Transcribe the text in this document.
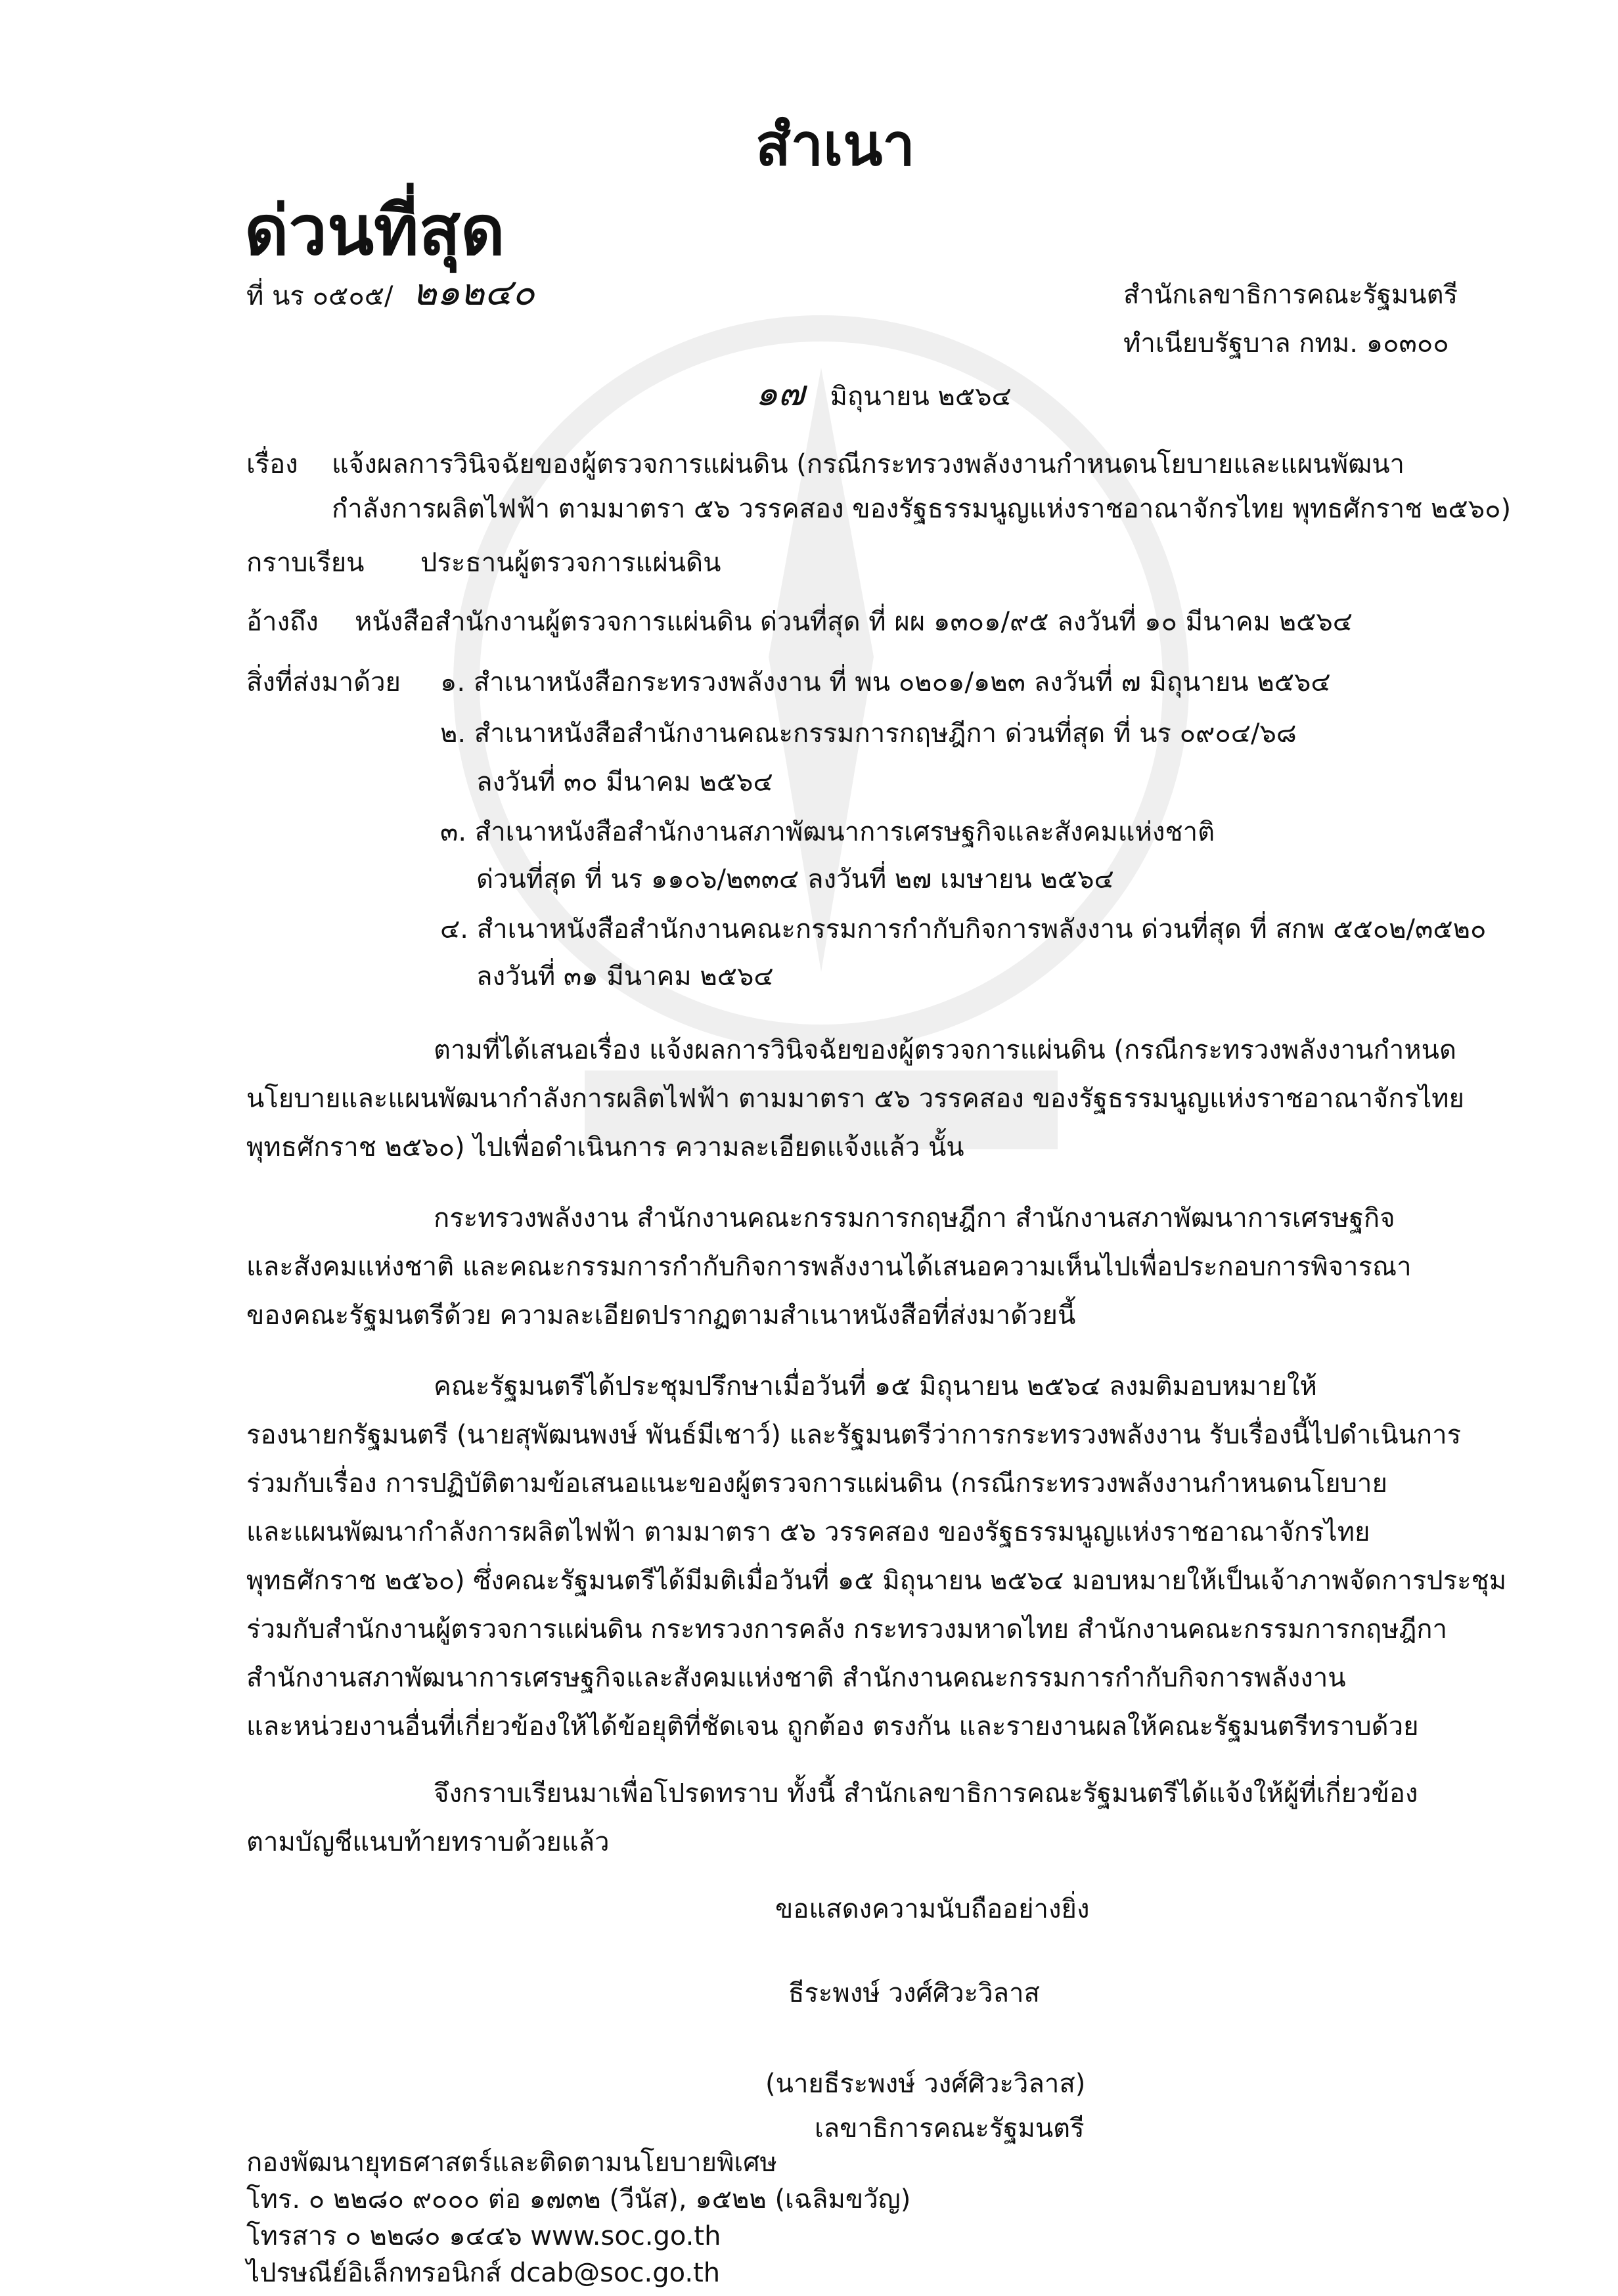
สำเนา
ด่วนที่สุด
ที่ นร ๐๕๐๕/ ๒๑๒๔๐	สำนักเลขาธิการคณะรัฐมนตรี
ทำเนียบรัฐบาล กทม. ๑๐๓๐๐
๑๗ มิถุนายน ๒๕๖๔
เรื่อง แจ้งผลการวินิจฉัยของผู้ตรวจการแผ่นดิน (กรณีกระทรวงพลังงานกำหนดนโยบายและแผนพัฒนา
กำลังการผลิตไฟฟ้า ตามมาตรา ๕๖ วรรคสอง ของรัฐธรรมนูญแห่งราชอาณาจักรไทย พุทธศักราช ๒๕๖๐)
กราบเรียน ประธานผู้ตรวจการแผ่นดิน
อ้างถึง หนังสือสำนักงานผู้ตรวจการแผ่นดิน ด่วนที่สุด ที่ ผผ ๑๓๐๑/๙๕ ลงวันที่ ๑๐ มีนาคม ๒๕๖๔
สิ่งที่ส่งมาด้วย ๑. สำเนาหนังสือกระทรวงพลังงาน ที่ พน ๐๒๐๑/๑๒๓ ลงวันที่ ๗ มิถุนายน ๒๕๖๔
๒. สำเนาหนังสือสำนักงานคณะกรรมการกฤษฎีกา ด่วนที่สุด ที่ นร ๐๙๐๔/๖๘
ลงวันที่ ๓๐ มีนาคม ๒๕๖๔
๓. สำเนาหนังสือสำนักงานสภาพัฒนาการเศรษฐกิจและสังคมแห่งชาติ
ด่วนที่สุด ที่ นร ๑๑๐๖/๒๓๓๔ ลงวันที่ ๒๗ เมษายน ๒๕๖๔
๔. สำเนาหนังสือสำนักงานคณะกรรมการกำกับกิจการพลังงาน ด่วนที่สุด ที่ สกพ ๕๕๐๒/๓๕๒๐
ลงวันที่ ๓๑ มีนาคม ๒๕๖๔
ตามที่ได้เสนอเรื่อง แจ้งผลการวินิจฉัยของผู้ตรวจการแผ่นดิน (กรณีกระทรวงพลังงานกำหนด
นโยบายและแผนพัฒนากำลังการผลิตไฟฟ้า ตามมาตรา ๕๖ วรรคสอง ของรัฐธรรมนูญแห่งราชอาณาจักรไทย
พุทธศักราช ๒๕๖๐) ไปเพื่อดำเนินการ ความละเอียดแจ้งแล้ว นั้น
กระทรวงพลังงาน สำนักงานคณะกรรมการกฤษฎีกา สำนักงานสภาพัฒนาการเศรษฐกิจ
และสังคมแห่งชาติ และคณะกรรมการกำกับกิจการพลังงานได้เสนอความเห็นไปเพื่อประกอบการพิจารณา
ของคณะรัฐมนตรีด้วย ความละเอียดปรากฏตามสำเนาหนังสือที่ส่งมาด้วยนี้
คณะรัฐมนตรีได้ประชุมปรึกษาเมื่อวันที่ ๑๕ มิถุนายน ๒๕๖๔ ลงมติมอบหมายให้
รองนายกรัฐมนตรี (นายสุพัฒนพงษ์ พันธ์มีเชาว์) และรัฐมนตรีว่าการกระทรวงพลังงาน รับเรื่องนี้ไปดำเนินการ
ร่วมกับเรื่อง การปฏิบัติตามข้อเสนอแนะของผู้ตรวจการแผ่นดิน (กรณีกระทรวงพลังงานกำหนดนโยบาย
และแผนพัฒนากำลังการผลิตไฟฟ้า ตามมาตรา ๕๖ วรรคสอง ของรัฐธรรมนูญแห่งราชอาณาจักรไทย
พุทธศักราช ๒๕๖๐) ซึ่งคณะรัฐมนตรีได้มีมติเมื่อวันที่ ๑๕ มิถุนายน ๒๕๖๔ มอบหมายให้เป็นเจ้าภาพจัดการประชุม
ร่วมกับสำนักงานผู้ตรวจการแผ่นดิน กระทรวงการคลัง กระทรวงมหาดไทย สำนักงานคณะกรรมการกฤษฎีกา
สำนักงานสภาพัฒนาการเศรษฐกิจและสังคมแห่งชาติ สำนักงานคณะกรรมการกำกับกิจการพลังงาน
และหน่วยงานอื่นที่เกี่ยวข้องให้ได้ข้อยุติที่ชัดเจน ถูกต้อง ตรงกัน และรายงานผลให้คณะรัฐมนตรีทราบด้วย
จึงกราบเรียนมาเพื่อโปรดทราบ ทั้งนี้ สำนักเลขาธิการคณะรัฐมนตรีได้แจ้งให้ผู้ที่เกี่ยวข้อง
ตามบัญชีแนบท้ายทราบด้วยแล้ว
ขอแสดงความนับถืออย่างยิ่ง
ธีระพงษ์ วงศ์ศิวะวิลาส
(นายธีระพงษ์ วงศ์ศิวะวิลาส)
เลขาธิการคณะรัฐมนตรี
กองพัฒนายุทธศาสตร์และติดตามนโยบายพิเศษ
โทร. ๐ ๒๒๘๐ ๙๐๐๐ ต่อ ๑๗๓๒ (วีนัส), ๑๕๒๒ (เฉลิมขวัญ)
โทรสาร ๐ ๒๒๘๐ ๑๔๔๖ www.soc.go.th
ไปรษณีย์อิเล็กทรอนิกส์ dcab@soc.go.th
